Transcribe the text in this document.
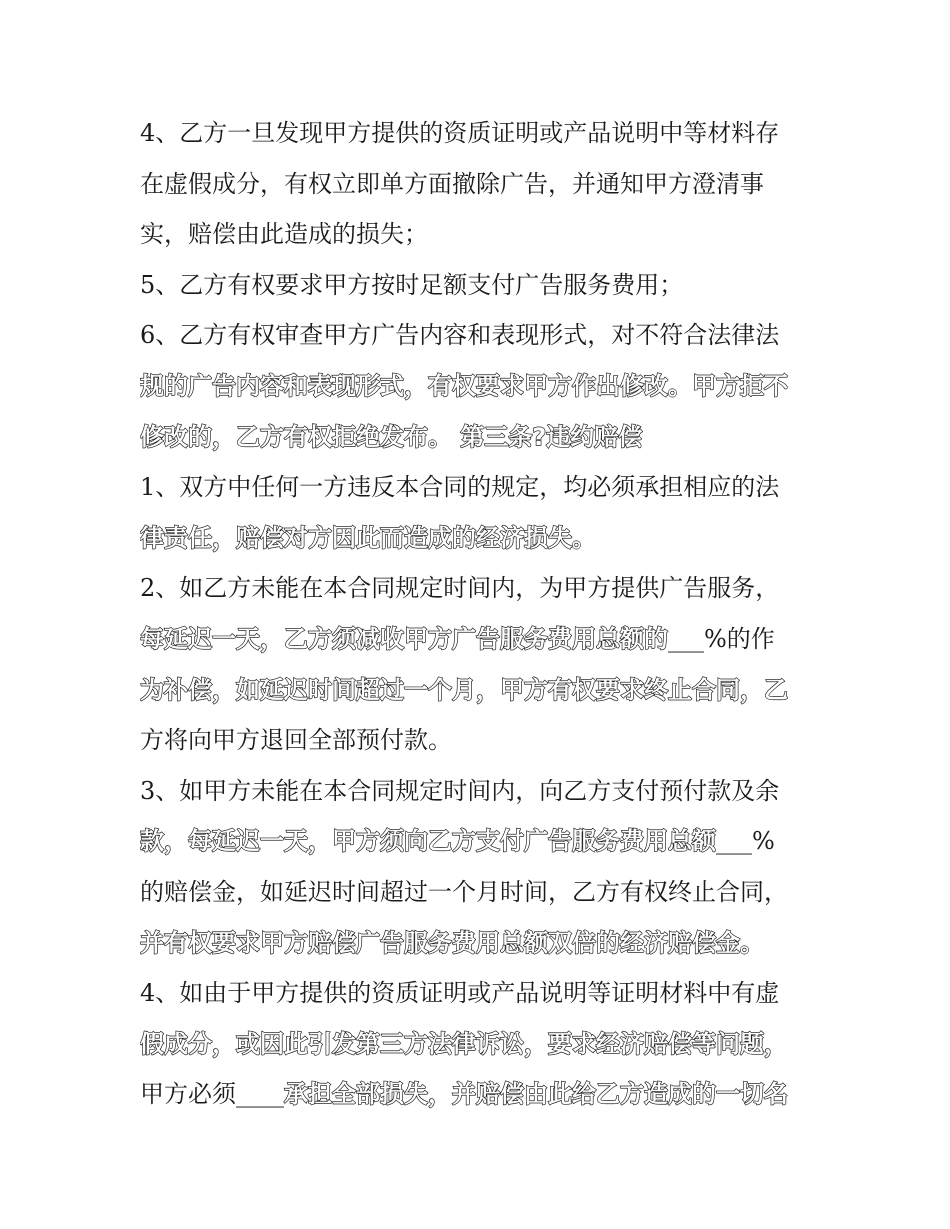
4、乙方一旦发现甲方提供的资质证明或产品说明中等材料存
在虚假成分，有权立即单方面撤除广告，并通知甲方澄清事
实，赔偿由此造成的损失；
5、乙方有权要求甲方按时足额支付广告服务费用；
6、乙方有权审查甲方广告内容和表现形式，对不符合法律法
规的广告内容和表现形式，有权要求甲方作出修改。甲方拒不
修改的，乙方有权拒绝发布。 第三条?违约赔偿
1、双方中任何一方违反本合同的规定，均必须承担相应的法
律责任，赔偿对方因此而造成的经济损失。
2、如乙方未能在本合同规定时间内，为甲方提供广告服务，
每延迟一天，乙方须减收甲方广告服务费用总额的___%的作
为补偿，如延迟时间超过一个月，甲方有权要求终止合同，乙
方将向甲方退回全部预付款。
3、如甲方未能在本合同规定时间内，向乙方支付预付款及余
款，每延迟一天，甲方须向乙方支付广告服务费用总额___%
的赔偿金，如延迟时间超过一个月时间，乙方有权终止合同，
并有权要求甲方赔偿广告服务费用总额双倍的经济赔偿金。
4、如由于甲方提供的资质证明或产品说明等证明材料中有虚
假成分，或因此引发第三方法律诉讼，要求经济赔偿等问题，
甲方必须____承担全部损失，并赔偿由此给乙方造成的一切名
